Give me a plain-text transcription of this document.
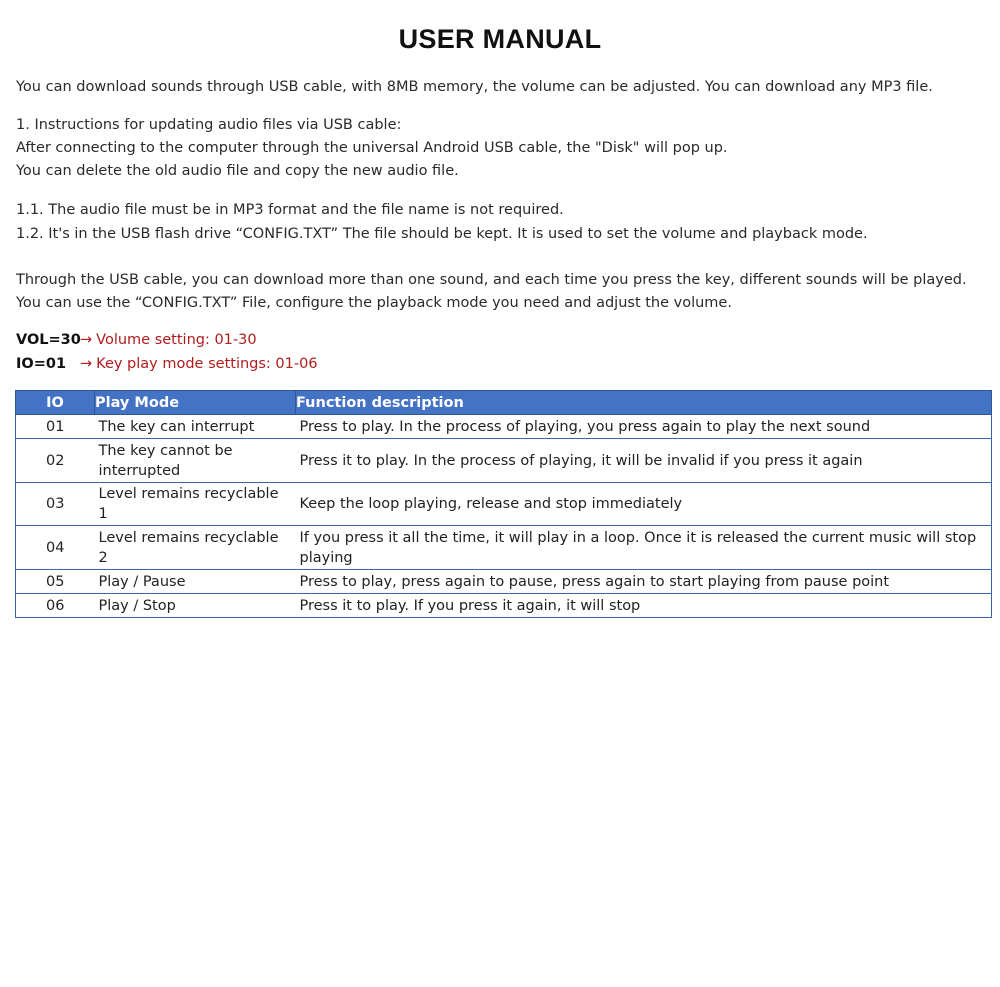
USER MANUAL
You can download sounds through USB cable, with 8MB memory, the volume can be adjusted. You can download any MP3 file.
1. Instructions for updating audio files via USB cable:
After connecting to the computer through the universal Android USB cable, the "Disk" will pop up.
You can delete the old audio file and copy the new audio file.
1.1. The audio file must be in MP3 format and the file name is not required.
1.2. It's in the USB flash drive “CONFIG.TXT” The file should be kept. It is used to set the volume and playback mode.
Through the USB cable, you can download more than one sound, and each time you press the key, different sounds will be played.
You can use the “CONFIG.TXT” File, configure the playback mode you need and adjust the volume.
VOL=30→ Volume setting: 01-30
IO=01 → Key play mode settings: 01-06
IO	Play Mode	Function description
01	The key can interrupt	Press to play. In the process of playing, you press again to play the next sound
02	The key cannot be interrupted	Press it to play. In the process of playing, it will be invalid if you press it again
03	Level remains recyclable 1	Keep the loop playing, release and stop immediately
04	Level remains recyclable 2	If you press it all the time, it will play in a loop. Once it is released the current music will stop playing
05	Play / Pause	Press to play, press again to pause, press again to start playing from pause point
06	Play / Stop	Press it to play. If you press it again, it will stop
